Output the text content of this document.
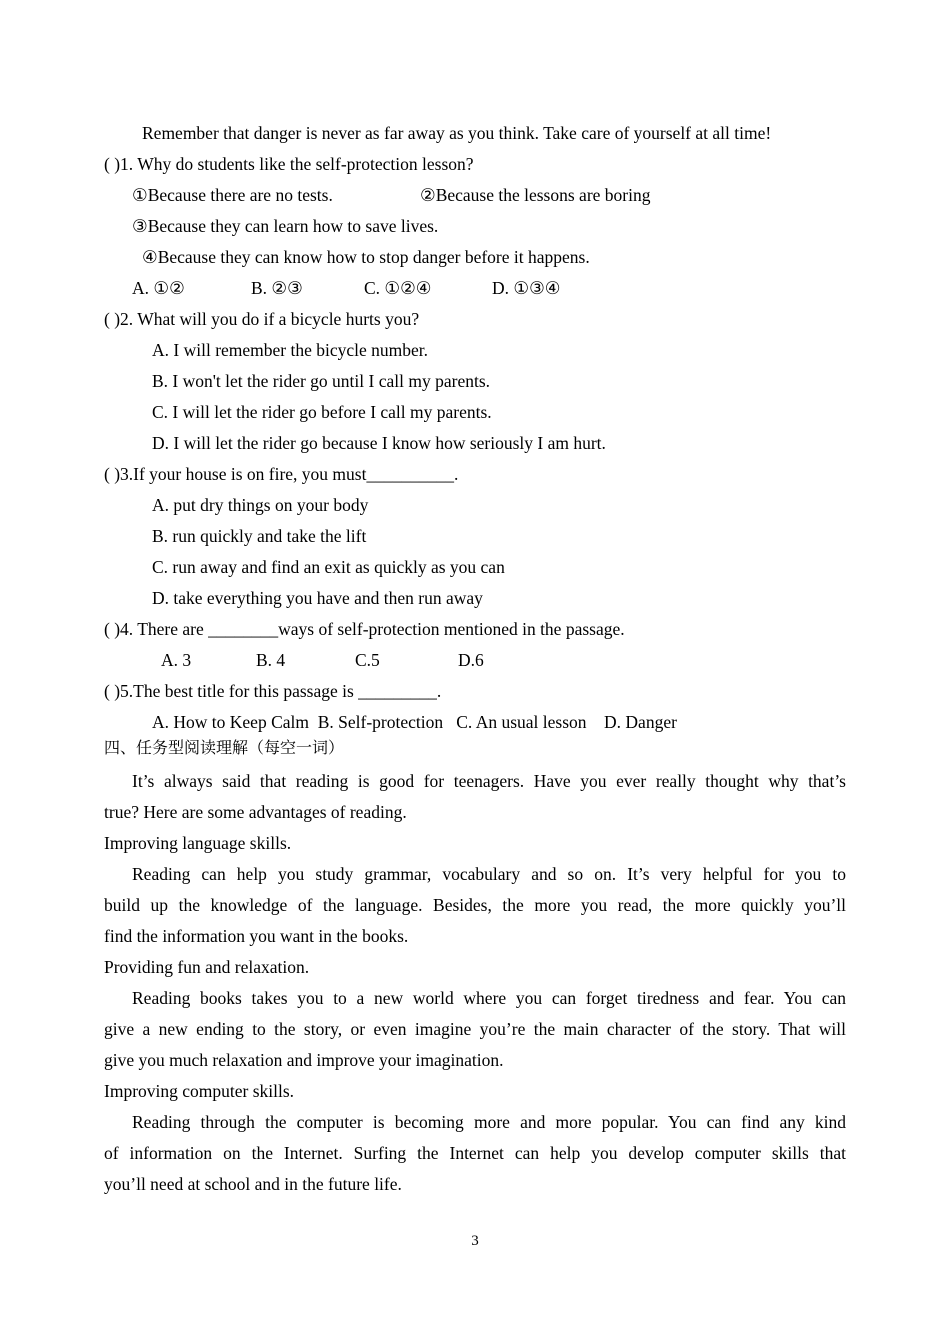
Remember that danger is never as far away as you think. Take care of yourself at all time!
( )1. Why do students like the self-protection lesson?
①Because there are no tests.	②Because the lessons are boring
③Because they can learn how to save lives.
④Because they can know how to stop danger before it happens.
A. ①②	B. ②③	C. ①②④	D. ①③④
( )2. What will you do if a bicycle hurts you?
A. I will remember the bicycle number.
B. I won't let the rider go until I call my parents.
C. I will let the rider go before I call my parents.
D. I will let the rider go because I know how seriously I am hurt.
( )3.If your house is on fire, you must__________.
A. put dry things on your body
B. run quickly and take the lift
C. run away and find an exit as quickly as you can
D. take everything you have and then run away
( )4. There are ________ways of self-protection mentioned in the passage.
A. 3	B. 4	C.5	D.6
( )5.The best title for this passage is _________.
A. How to Keep Calm  B. Self-protection   C. An usual lesson    D. Danger
四、任务型阅读理解（每空一词）
It’s always said that reading is good for teenagers. Have you ever really thought why that’s
true? Here are some advantages of reading.
Improving language skills.
Reading can help you study grammar, vocabulary and so on. It’s very helpful for you to
build up the knowledge of the language. Besides, the more you read, the more quickly you’ll
find the information you want in the books.
Providing fun and relaxation.
Reading books takes you to a new world where you can forget tiredness and fear. You can
give a new ending to the story, or even imagine you’re the main character of the story. That will
give you much relaxation and improve your imagination.
Improving computer skills.
Reading through the computer is becoming more and more popular. You can find any kind
of information on the Internet. Surfing the Internet can help you develop computer skills that
you’ll need at school and in the future life.
3
